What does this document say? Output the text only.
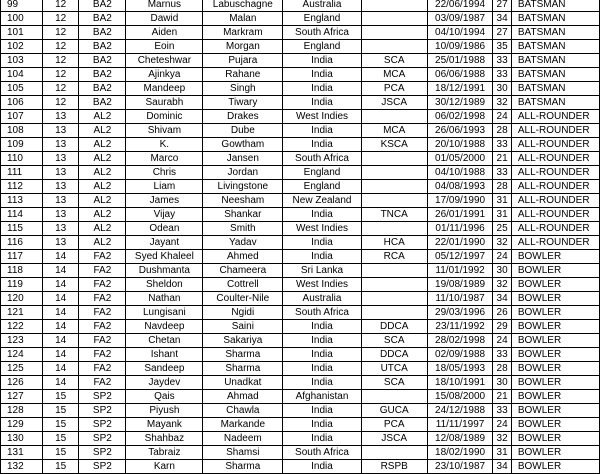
99	12	BA2	Marnus	Labuschagne	Australia		22/06/1994	27	BATSMAN
100	12	BA2	Dawid	Malan	England		03/09/1987	34	BATSMAN
101	12	BA2	Aiden	Markram	South Africa		04/10/1994	27	BATSMAN
102	12	BA2	Eoin	Morgan	England		10/09/1986	35	BATSMAN
103	12	BA2	Cheteshwar	Pujara	India	SCA	25/01/1988	33	BATSMAN
104	12	BA2	Ajinkya	Rahane	India	MCA	06/06/1988	33	BATSMAN
105	12	BA2	Mandeep	Singh	India	PCA	18/12/1991	30	BATSMAN
106	12	BA2	Saurabh	Tiwary	India	JSCA	30/12/1989	32	BATSMAN
107	13	AL2	Dominic	Drakes	West Indies		06/02/1998	24	ALL-ROUNDER
108	13	AL2	Shivam	Dube	India	MCA	26/06/1993	28	ALL-ROUNDER
109	13	AL2	K.	Gowtham	India	KSCA	20/10/1988	33	ALL-ROUNDER
110	13	AL2	Marco	Jansen	South Africa		01/05/2000	21	ALL-ROUNDER
111	13	AL2	Chris	Jordan	England		04/10/1988	33	ALL-ROUNDER
112	13	AL2	Liam	Livingstone	England		04/08/1993	28	ALL-ROUNDER
113	13	AL2	James	Neesham	New Zealand		17/09/1990	31	ALL-ROUNDER
114	13	AL2	Vijay	Shankar	India	TNCA	26/01/1991	31	ALL-ROUNDER
115	13	AL2	Odean	Smith	West Indies		01/11/1996	25	ALL-ROUNDER
116	13	AL2	Jayant	Yadav	India	HCA	22/01/1990	32	ALL-ROUNDER
117	14	FA2	Syed Khaleel	Ahmed	India	RCA	05/12/1997	24	BOWLER
118	14	FA2	Dushmanta	Chameera	Sri Lanka		11/01/1992	30	BOWLER
119	14	FA2	Sheldon	Cottrell	West Indies		19/08/1989	32	BOWLER
120	14	FA2	Nathan	Coulter-Nile	Australia		11/10/1987	34	BOWLER
121	14	FA2	Lungisani	Ngidi	South Africa		29/03/1996	26	BOWLER
122	14	FA2	Navdeep	Saini	India	DDCA	23/11/1992	29	BOWLER
123	14	FA2	Chetan	Sakariya	India	SCA	28/02/1998	24	BOWLER
124	14	FA2	Ishant	Sharma	India	DDCA	02/09/1988	33	BOWLER
125	14	FA2	Sandeep	Sharma	India	UTCA	18/05/1993	28	BOWLER
126	14	FA2	Jaydev	Unadkat	India	SCA	18/10/1991	30	BOWLER
127	15	SP2	Qais	Ahmad	Afghanistan		15/08/2000	21	BOWLER
128	15	SP2	Piyush	Chawla	India	GUCA	24/12/1988	33	BOWLER
129	15	SP2	Mayank	Markande	India	PCA	11/11/1997	24	BOWLER
130	15	SP2	Shahbaz	Nadeem	India	JSCA	12/08/1989	32	BOWLER
131	15	SP2	Tabraiz	Shamsi	South Africa		18/02/1990	31	BOWLER
132	15	SP2	Karn	Sharma	India	RSPB	23/10/1987	34	BOWLER
